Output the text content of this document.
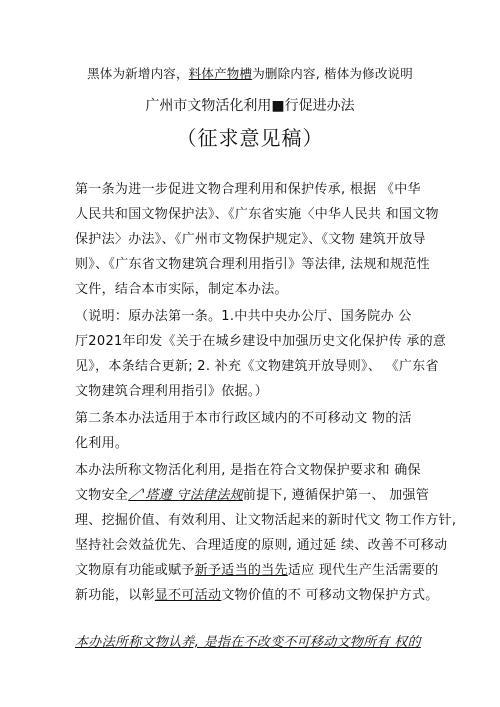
黑体为新增内容，料体产物槽为删除内容, 楷体为修改说明
广州市文物活化利用■行促进办法
（征求意见稿）
第一条为进一步促进文物合理利用和保护传承, 根据 《中华
人民共和国文物保护法》、《广东省实施〈中华人民共 和国文物
保护法〉办法》、《广州市文物保护规定》、《文物 建筑开放导
则》、《广东省文物建筑合理利用指引》等法律, 法规和规范性
文件，结合本市实际，制定本办法。
（说明：原办法第一条。1.中共中央办公厅、国务院办 公
厅2021年印发《关于在城乡建设中加强历史文化保护传 承的意
见》，本条结合更新; 2. 补充《文物建筑开放导则》、 《广东省
文物建筑合理利用指引》依据。）
第二条本办法适用于本市行政区域内的不可移动文 物的活
化利用。
本办法所称文物活化利用, 是指在符合文物保护要求和 确保
文物安全／'塔遵 守法律法规前提下, 遵循保护第一、 加强管
理、挖掘价值、有效利用、让文物活起来的新时代文 物工作方针,
坚持社会效益优先、合理适度的原则, 通过延 续、改善不可移动
文物原有功能或赋予新予适当的当先适应 现代生产生活需要的
新功能，以彰显不可活动文物价值的不 可移动文物保护方式。
本办法所称文物认养, 是指在不改变不可移动文物所有 权的
